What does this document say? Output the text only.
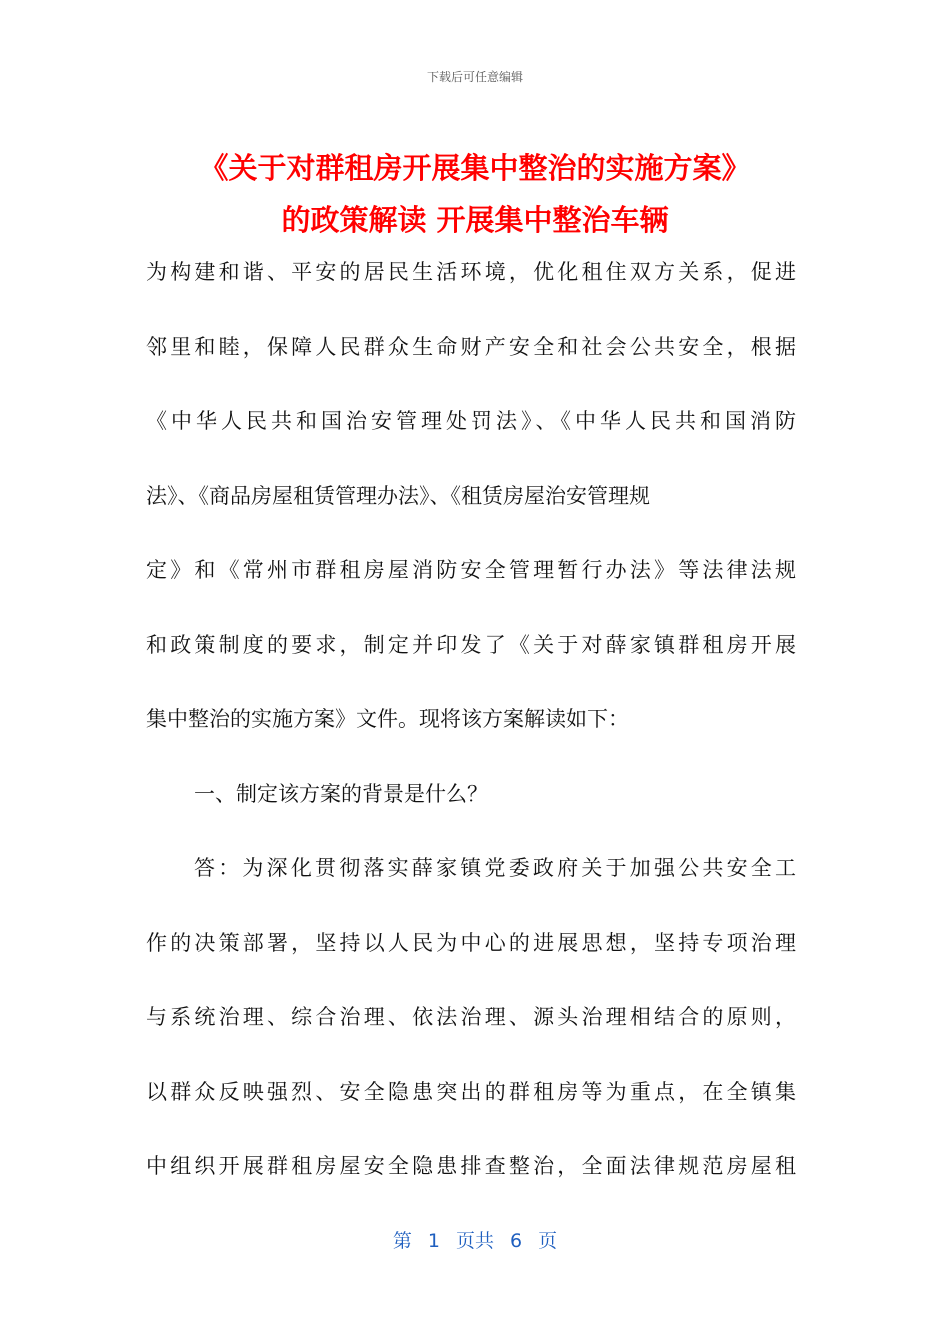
下载后可任意编辑
《关于对群租房开展集中整治的实施方案》
的政策解读 开展集中整治车辆
为构建和谐、平安的居民生活环境，优化租住双方关系，促进
邻里和睦，保障人民群众生命财产安全和社会公共安全，根据
《中华人民共和国治安管理处罚法》、《中华人民共和国消防
法》、《商品房屋租赁管理办法》、《租赁房屋治安管理规
定》和《常州市群租房屋消防安全管理暂行办法》等法律法规
和政策制度的要求，制定并印发了《关于对薛家镇群租房开展
集中整治的实施方案》文件。现将该方案解读如下：
一、制定该方案的背景是什么？
答：为深化贯彻落实薛家镇党委政府关于加强公共安全工
作的决策部署，坚持以人民为中心的进展思想，坚持专项治理
与系统治理、综合治理、依法治理、源头治理相结合的原则，
以群众反映强烈、安全隐患突出的群租房等为重点，在全镇集
中组织开展群租房屋安全隐患排查整治，全面法律规范房屋租
第 1 页共 6 页
